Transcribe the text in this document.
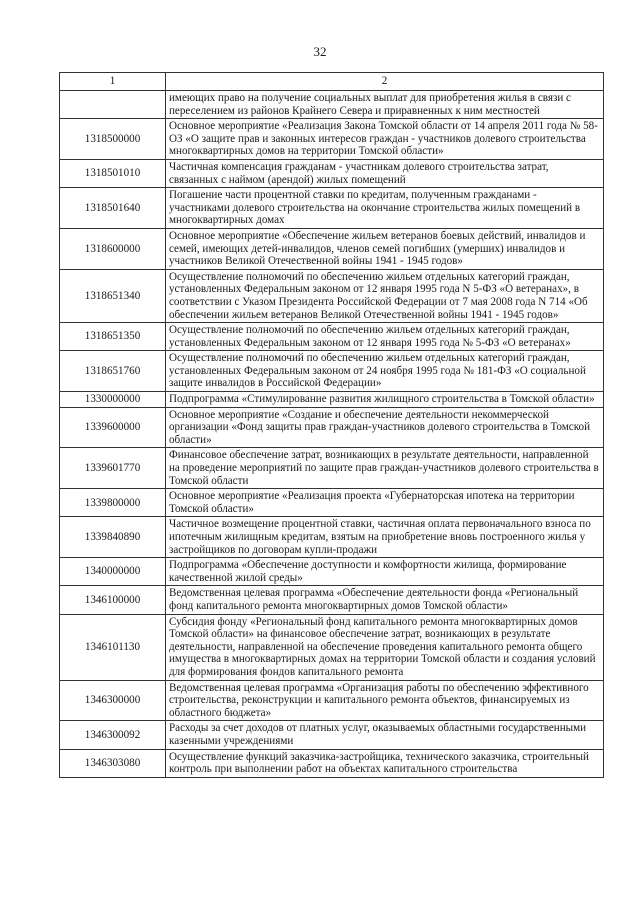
32
1	2
	имеющих право на получение социальных выплат для приобретения жилья в связи с переселением из районов Крайнего Севера и приравненных к ним местностей
1318500000	Основное мероприятие «Реализация Закона Томской области от 14 апреля 2011 года № 58-ОЗ «О защите прав и законных интересов граждан - участников долевого строительства многоквартирных домов на территории Томской области»
1318501010	Частичная компенсация гражданам - участникам долевого строительства затрат, связанных с наймом (арендой) жилых помещений
1318501640	Погашение части процентной ставки по кредитам, полученным гражданами - участниками долевого строительства на окончание строительства жилых помещений в многоквартирных домах
1318600000	Основное мероприятие «Обеспечение жильем ветеранов боевых действий, инвалидов и семей, имеющих детей-инвалидов, членов семей погибших (умерших) инвалидов и участников Великой Отечественной войны 1941 - 1945 годов»
1318651340	Осуществление полномочий по обеспечению жильем отдельных категорий граждан, установленных Федеральным законом от 12 января 1995 года N 5-ФЗ «О ветеранах», в соответствии с Указом Президента Российской Федерации от 7 мая 2008 года N 714 «Об обеспечении жильем ветеранов Великой Отечественной войны 1941 - 1945 годов»
1318651350	Осуществление полномочий по обеспечению жильем отдельных категорий граждан, установленных Федеральным законом от 12 января 1995 года № 5-ФЗ «О ветеранах»
1318651760	Осуществление полномочий по обеспечению жильем отдельных категорий граждан, установленных Федеральным законом от 24 ноября 1995 года № 181-ФЗ «О социальной защите инвалидов в Российской Федерации»
1330000000	Подпрограмма «Стимулирование развития жилищного строительства в Томской области»
1339600000	Основное мероприятие «Создание и обеспечение деятельности некоммерческой организации «Фонд защиты прав граждан-участников долевого строительства в Томской области»
1339601770	Финансовое обеспечение затрат, возникающих в результате деятельности, направленной на проведение мероприятий по защите прав граждан-участников долевого строительства в Томской области
1339800000	Основное мероприятие «Реализация проекта «Губернаторская ипотека на территории Томской области»
1339840890	Частичное возмещение процентной ставки, частичная оплата первоначального взноса по ипотечным жилищным кредитам, взятым на приобретение вновь построенного жилья у застройщиков по договорам купли-продажи
1340000000	Подпрограмма «Обеспечение доступности и комфортности жилища, формирование качественной жилой среды»
1346100000	Ведомственная целевая программа «Обеспечение деятельности фонда «Региональный фонд капитального ремонта многоквартирных домов Томской области»
1346101130	Субсидия фонду «Региональный фонд капитального ремонта многоквартирных домов Томской области» на финансовое обеспечение затрат, возникающих в результате деятельности, направленной на обеспечение проведения капитального ремонта общего имущества в многоквартирных домах на территории Томской области и создания условий для формирования фондов капитального ремонта
1346300000	Ведомственная целевая программа «Организация работы по обеспечению эффективного строительства, реконструкции и капитального ремонта объектов, финансируемых из областного бюджета»
1346300092	Расходы за счет доходов от платных услуг, оказываемых областными государственными казенными учреждениями
1346303080	Осуществление функций заказчика-застройщика, технического заказчика, строительный контроль при выполнении работ на объектах капитального строительства
